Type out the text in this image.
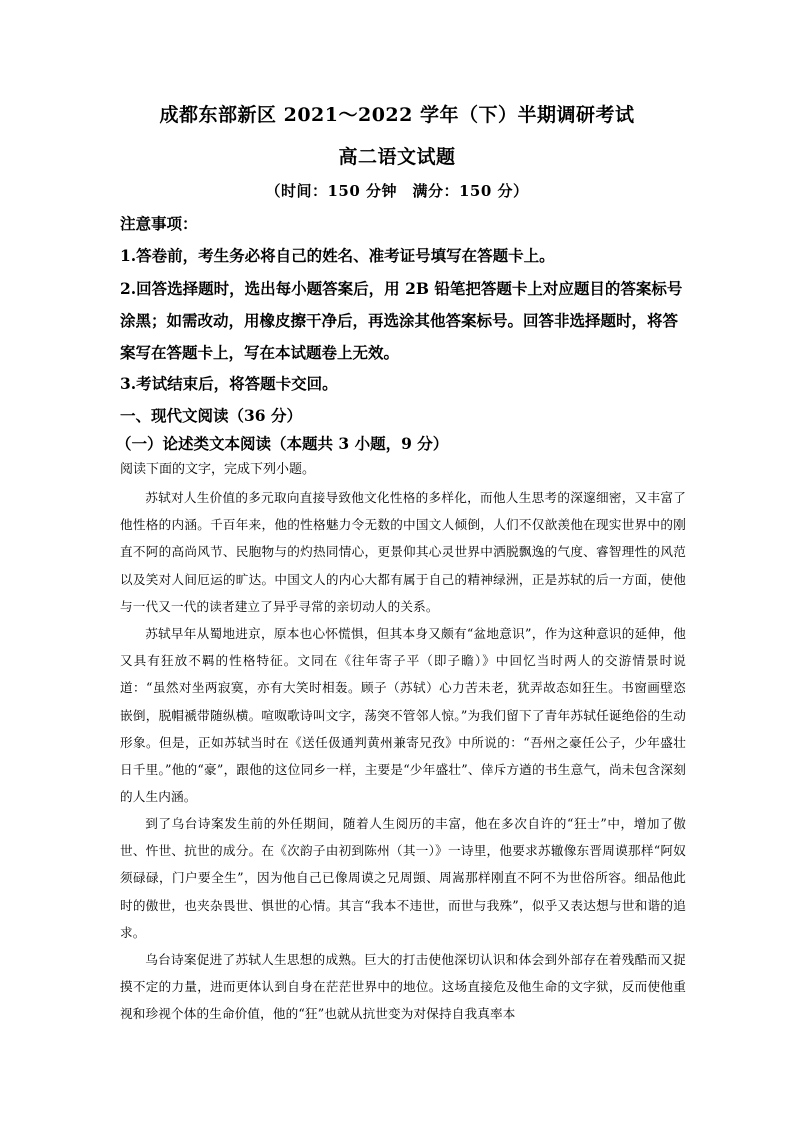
成都东部新区 2021～2022 学年（下）半期调研考试
高二语文试题
（时间：150 分钟　满分：150 分）
注意事项：
1.答卷前，考生务必将自己的姓名、准考证号填写在答题卡上。
2.回答选择题时，选出每小题答案后，用 2B 铅笔把答题卡上对应题目的答案标号涂黑；如需改动，用橡皮擦干净后，再选涂其他答案标号。回答非选择题时，将答案写在答题卡上，写在本试题卷上无效。
3.考试结束后，将答题卡交回。
一、现代文阅读（36 分）
（一）论述类文本阅读（本题共 3 小题，9 分）
阅读下面的文字，完成下列小题。
苏轼对人生价值的多元取向直接导致他文化性格的多样化，而他人生思考的深邃细密，又丰富了他性格的内涵。千百年来，他的性格魅力令无数的中国文人倾倒，人们不仅歆羡他在现实世界中的刚直不阿的高尚风节、民胞物与的灼热同情心，更景仰其心灵世界中洒脱飘逸的气度、睿智理性的风范以及笑对人间厄运的旷达。中国文人的内心大都有属于自己的精神绿洲，正是苏轼的后一方面，使他与一代又一代的读者建立了异乎寻常的亲切动人的关系。
苏轼早年从蜀地进京，原本也心怀慌惧，但其本身又颇有“盆地意识”，作为这种意识的延伸，他又具有狂放不羁的性格特征。文同在《往年寄子平（即子瞻）》中回忆当时两人的交游情景时说道：“虽然对坐两寂寞，亦有大笑时相轰。顾子（苏轼）心力苦未老，犹弄故态如狂生。书窗画壁恣嵌倒，脱帽褫带随纵横。喧呶歌诗叫文字，荡突不管邻人惊。”为我们留下了青年苏轼任诞绝俗的生动形象。但是，正如苏轼当时在《送任伋通判黄州兼寄兄孜》中所说的：“吾州之豪任公子，少年盛壮日千里。”他的“豪”，跟他的这位同乡一样，主要是“少年盛壮”、倖斥方遒的书生意气，尚未包含深刻的人生内涵。
到了乌台诗案发生前的外任期间，随着人生阅历的丰富，他在多次自许的“狂士”中，增加了傲世、忤世、抗世的成分。在《次韵子由初到陈州（其一）》一诗里，他要求苏辙像东晋周谟那样“阿奴须碌碌，门户要全生”，因为他自己已像周谟之兄周顗、周嵩那样刚直不阿不为世俗所容。细品他此时的傲世，也夹杂畏世、惧世的心情。其言“我本不违世，而世与我殊”，似乎又表达想与世和谐的追求。
乌台诗案促进了苏轼人生思想的成熟。巨大的打击使他深切认识和体会到外部存在着残酷而又捉摸不定的力量，进而更体认到自身在茫茫世界中的地位。这场直接危及他生命的文字狱，反而使他重视和珍视个体的生命价值，他的“狂”也就从抗世变为对保持自我真率本
